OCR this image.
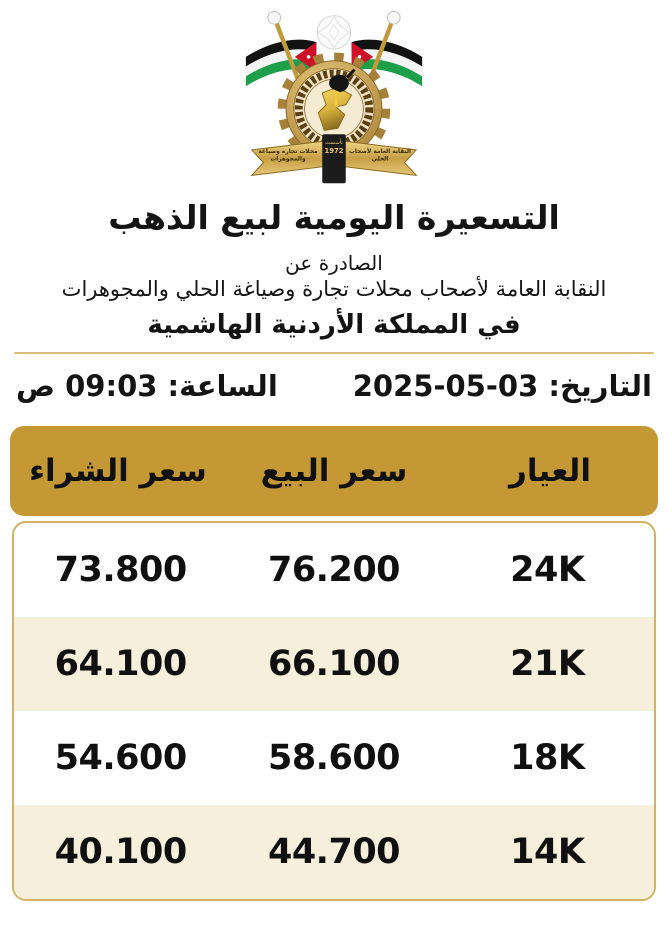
محلات تجارة وصياغة
والمجوهرات
النقابة العامة لأصحاب
الحلي
تأسست
1972
التسعيرة اليومية لبيع الذهب
الصادرة عن
النقابة العامة لأصحاب محلات تجارة وصياغة الحلي والمجوهرات
في المملكة الأردنية الهاشمية
التاريخ: 03-05-2025
الساعة: 09:03 ص
العيار
سعر البيع
سعر الشراء
24K
76.200
73.800
21K
66.100
64.100
18K
58.600
54.600
14K
44.700
40.100
